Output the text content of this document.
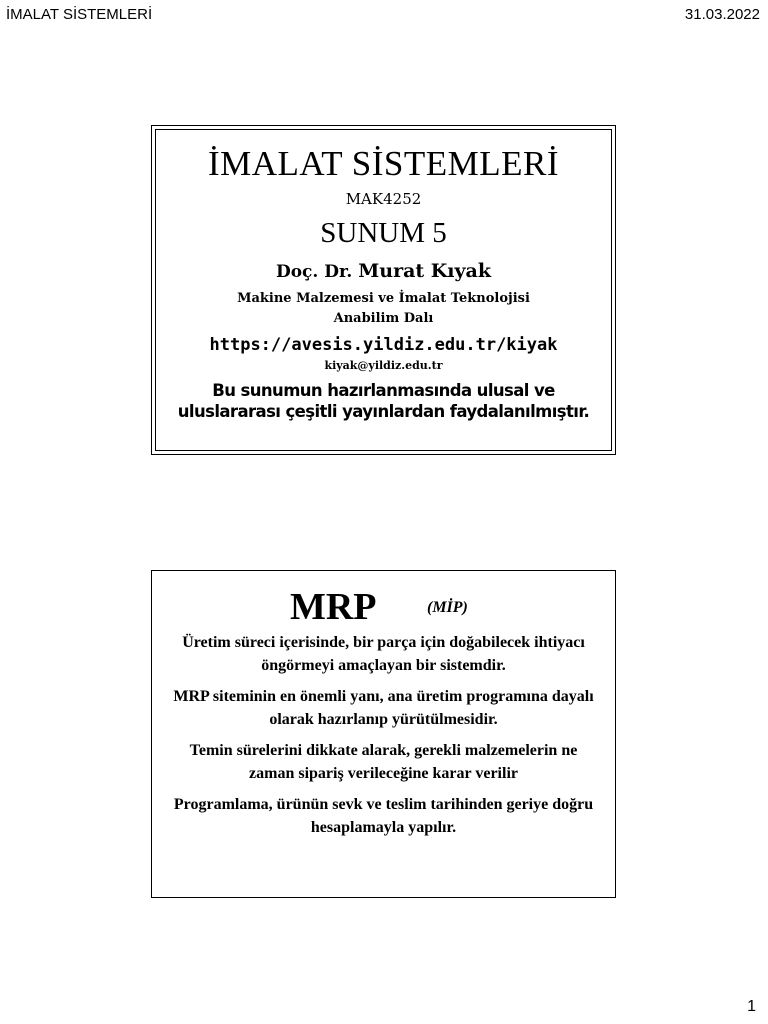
İMALAT SİSTEMLERİ	31.03.2022
İMALAT SİSTEMLERİ
MAK4252
SUNUM 5
Doç. Dr. Murat Kıyak
Makine Malzemesi ve İmalat Teknolojisi
Anabilim Dalı
https://avesis.yildiz.edu.tr/kiyak
kiyak@yildiz.edu.tr
Bu sunumun hazırlanmasında ulusal ve
uluslararası çeşitli yayınlardan faydalanılmıştır.
MRP	(MİP)
Üretim süreci içerisinde, bir parça için doğabilecek ihtiyacı öngörmeyi amaçlayan bir sistemdir.
MRP siteminin en önemli yanı, ana üretim programına dayalı olarak hazırlanıp yürütülmesidir.
Temin sürelerini dikkate alarak, gerekli malzemelerin ne zaman sipariş verileceğine karar verilir
Programlama, ürünün sevk ve teslim tarihinden geriye doğru hesaplamayla yapılır.
1
